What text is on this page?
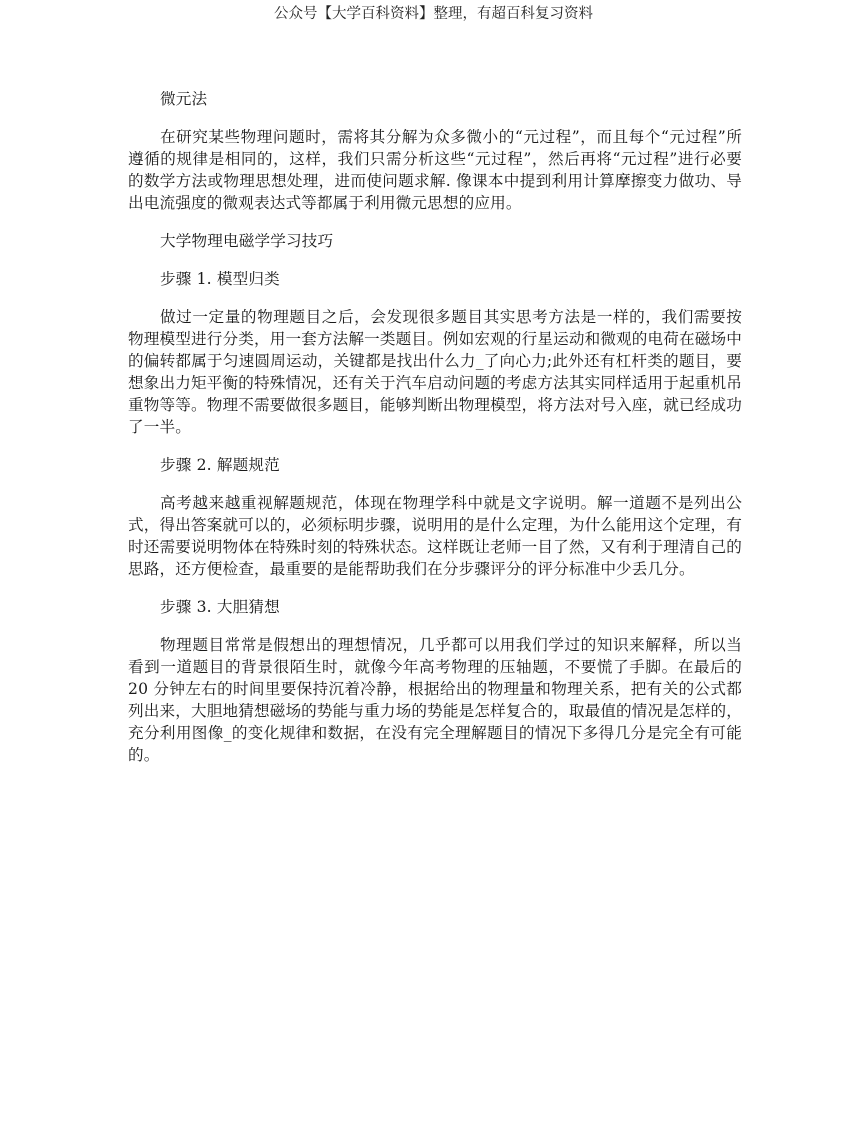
公众号【大学百科资料】整理，有超百科复习资料
微元法
在研究某些物理问题时，需将其分解为众多微小的“元过程”，而且每个“元过程”所遵循的规律是相同的，这样，我们只需分析这些“元过程”，然后再将“元过程”进行必要的数学方法或物理思想处理，进而使问题求解. 像课本中提到利用计算摩擦变力做功、导出电流强度的微观表达式等都属于利用微元思想的应用。
大学物理电磁学学习技巧
步骤 1. 模型归类
做过一定量的物理题目之后，会发现很多题目其实思考方法是一样的，我们需要按物理模型进行分类，用一套方法解一类题目。例如宏观的行星运动和微观的电荷在磁场中的偏转都属于匀速圆周运动，关键都是找出什么力_了向心力;此外还有杠杆类的题目，要想象出力矩平衡的特殊情况，还有关于汽车启动问题的考虑方法其实同样适用于起重机吊重物等等。物理不需要做很多题目，能够判断出物理模型，将方法对号入座，就已经成功了一半。
步骤 2. 解题规范
高考越来越重视解题规范，体现在物理学科中就是文字说明。解一道题不是列出公式，得出答案就可以的，必须标明步骤，说明用的是什么定理，为什么能用这个定理，有时还需要说明物体在特殊时刻的特殊状态。这样既让老师一目了然，又有利于理清自己的思路，还方便检查，最重要的是能帮助我们在分步骤评分的评分标准中少丢几分。
步骤 3. 大胆猜想
物理题目常常是假想出的理想情况，几乎都可以用我们学过的知识来解释，所以当看到一道题目的背景很陌生时，就像今年高考物理的压轴题，不要慌了手脚。在最后的 20 分钟左右的时间里要保持沉着冷静，根据给出的物理量和物理关系，把有关的公式都列出来，大胆地猜想磁场的势能与重力场的势能是怎样复合的，取最值的情况是怎样的，充分利用图像_的变化规律和数据，在没有完全理解题目的情况下多得几分是完全有可能的。
